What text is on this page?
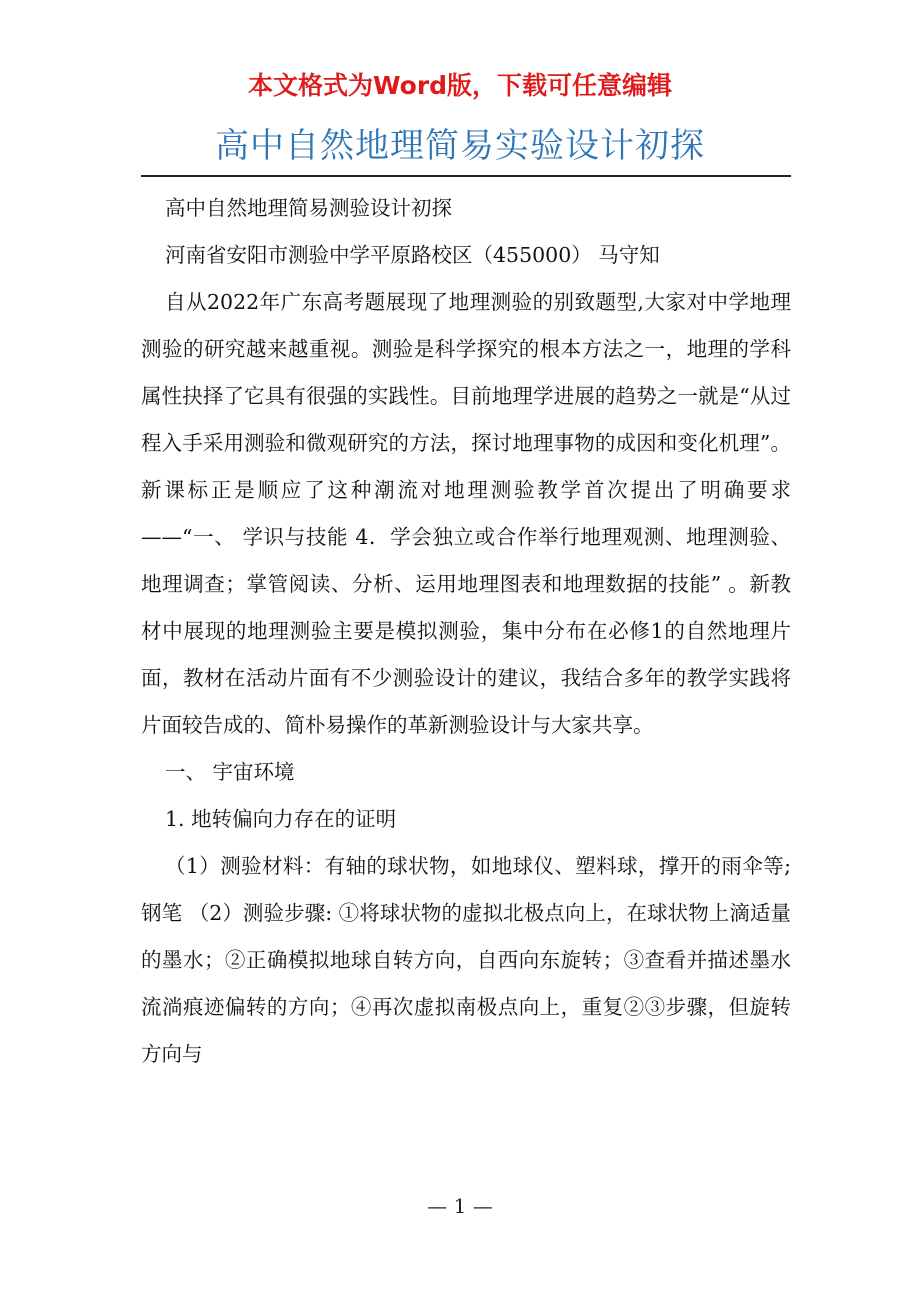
本文格式为Word版，下载可任意编辑
高中自然地理简易实验设计初探

高中自然地理简易测验设计初探

河南省安阳市测验中学平原路校区（455000） 马守知

自从2022年广东高考题展现了地理测验的别致题型,大家对中学地理测验的研究越来越重视。测验是科学探究的根本方法之一，地理的学科属性抉择了它具有很强的实践性。目前地理学进展的趋势之一就是“从过程入手采用测验和微观研究的方法，探讨地理事物的成因和变化机理”。新课标正是顺应了这种潮流对地理测验教学首次提出了明确要求——“一、 学识与技能 4．学会独立或合作举行地理观测、地理测验、地理调查；掌管阅读、分析、运用地理图表和地理数据的技能” 。新教材中展现的地理测验主要是模拟测验，集中分布在必修1的自然地理片面，教材在活动片面有不少测验设计的建议，我结合多年的教学实践将片面较告成的、简朴易操作的革新测验设计与大家共享。

一、 宇宙环境

1. 地转偏向力存在的证明

（1）测验材料：有轴的球状物，如地球仪、塑料球，撑开的雨伞等; 钢笔 （2）测验步骤: ①将球状物的虚拟北极点向上，在球状物上滴适量的墨水；②正确模拟地球自转方向，自西向东旋转；③查看并描述墨水流淌痕迹偏转的方向；④再次虚拟南极点向上，重复②③步骤，但旋转方向与

— 1 —
